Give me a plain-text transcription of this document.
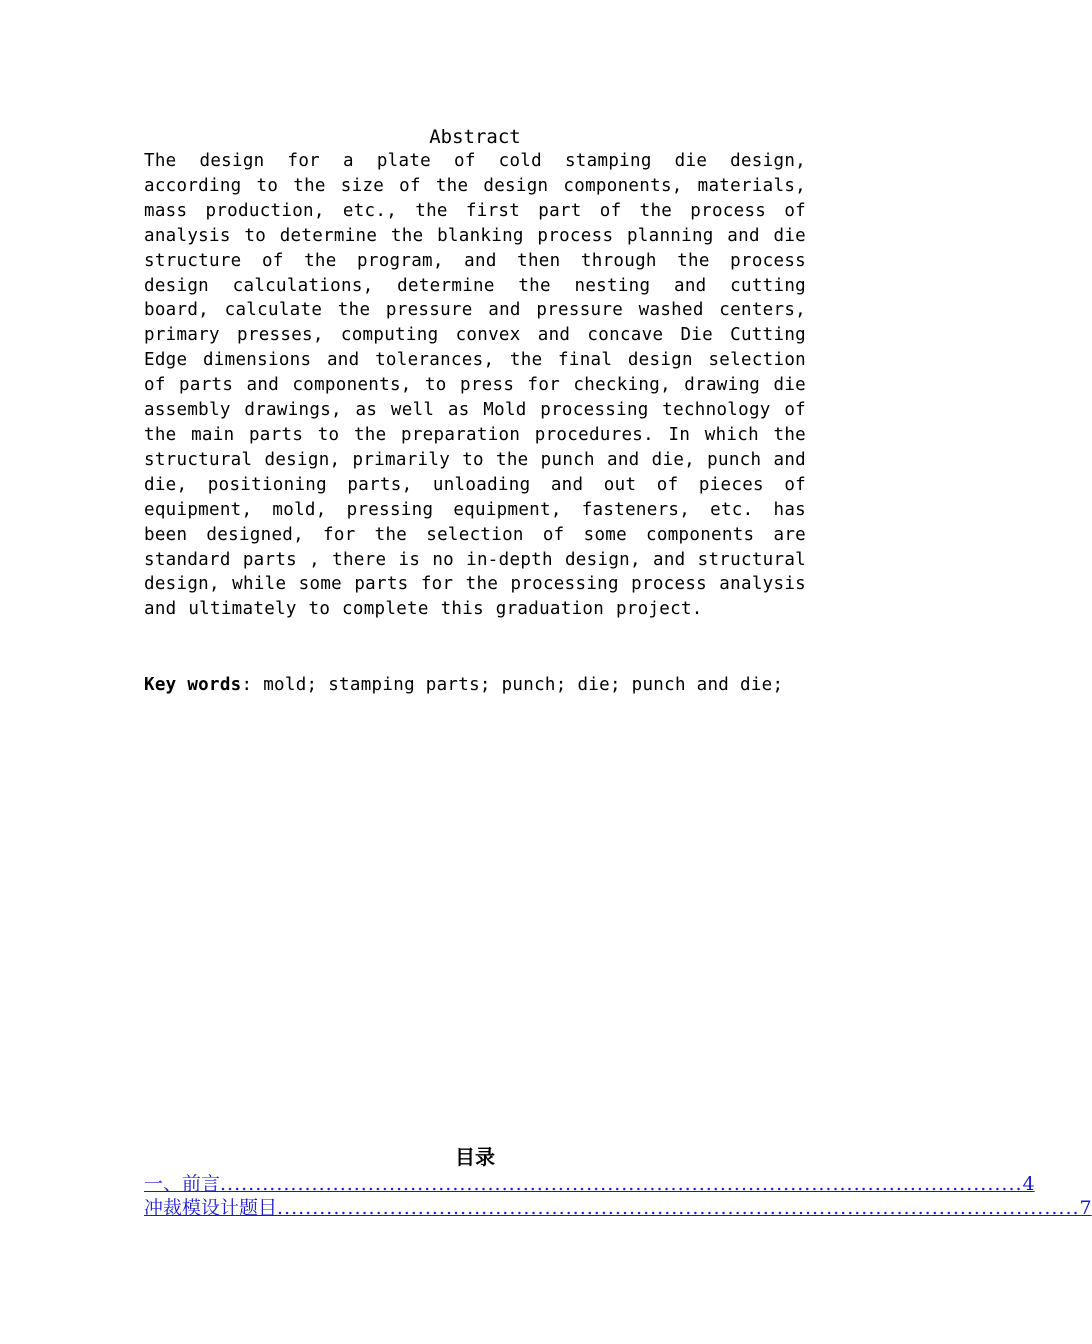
Abstract

The design for a plate of cold stamping die design, according to the size of the design components, materials, mass production, etc., the first part of the process of analysis to determine the blanking process planning and die structure of the program, and then through the process design calculations, determine the nesting and cutting board, calculate the pressure and pressure washed centers, primary presses, computing convex and concave Die Cutting Edge dimensions and tolerances, the final design selection of parts and components, to press for checking, drawing die assembly drawings, as well as Mold processing technology of the main parts to the preparation procedures. In which the structural design, primarily to the punch and die, punch and die, positioning parts, unloading and out of pieces of equipment, mold, pressing equipment, fasteners, etc. has been designed, for the selection of some components are standard parts , there is no in-depth design, and structural design, while some parts for the processing process analysis and ultimately to complete this graduation project.

Key words: mold; stamping parts; punch; die; punch and die;

目录
一、前言 .................................................................................................................. 4
冲裁模设计题目 .................................................................................................................. 7
